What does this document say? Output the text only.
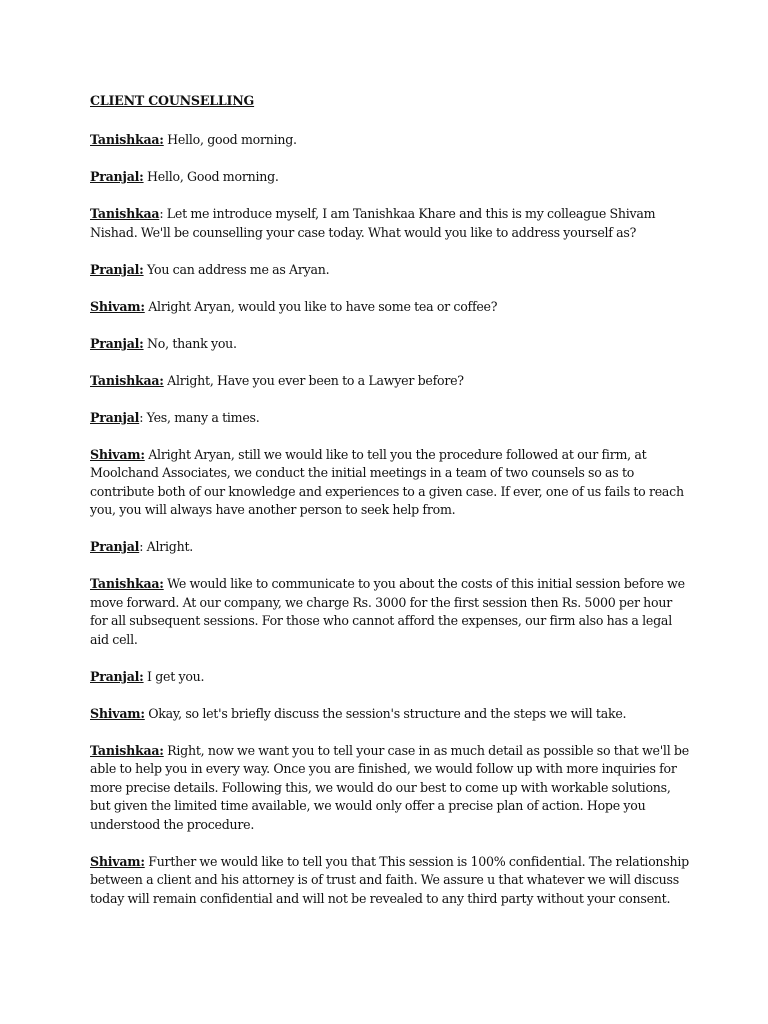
CLIENT COUNSELLING

Tanishkaa: Hello, good morning.

Pranjal: Hello, Good morning.

Tanishkaa: Let me introduce myself, I am Tanishkaa Khare and this is my colleague Shivam Nishad. We'll be counselling your case today. What would you like to address yourself as?

Pranjal: You can address me as Aryan.

Shivam: Alright Aryan, would you like to have some tea or coffee?

Pranjal: No, thank you.

Tanishkaa: Alright, Have you ever been to a Lawyer before?

Pranjal: Yes, many a times.

Shivam: Alright Aryan, still we would like to tell you the procedure followed at our firm, at Moolchand Associates, we conduct the initial meetings in a team of two counsels so as to contribute both of our knowledge and experiences to a given case. If ever, one of us fails to reach you, you will always have another person to seek help from.

Pranjal: Alright.

Tanishkaa: We would like to communicate to you about the costs of this initial session before we move forward. At our company, we charge Rs. 3000 for the first session then Rs. 5000 per hour for all subsequent sessions. For those who cannot afford the expenses, our firm also has a legal aid cell.

Pranjal: I get you.

Shivam: Okay, so let's briefly discuss the session's structure and the steps we will take.

Tanishkaa: Right, now we want you to tell your case in as much detail as possible so that we'll be able to help you in every way. Once you are finished, we would follow up with more inquiries for more precise details. Following this, we would do our best to come up with workable solutions, but given the limited time available, we would only offer a precise plan of action. Hope you understood the procedure.

Shivam: Further we would like to tell you that This session is 100% confidential. The relationship between a client and his attorney is of trust and faith. We assure u that whatever we will discuss today will remain confidential and will not be revealed to any third party without your consent.
